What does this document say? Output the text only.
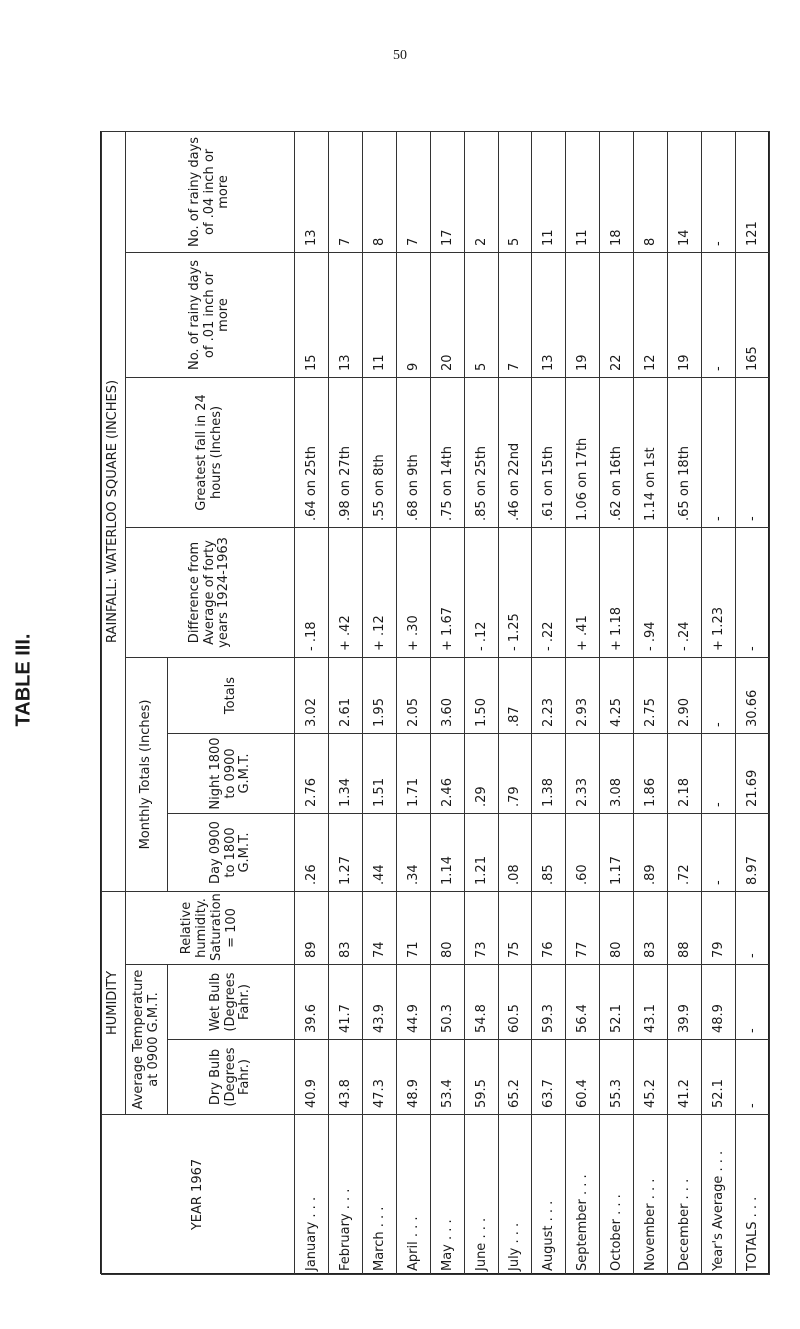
50
TABLE III.
YEAR 1967	HUMIDITY			RAINFALL: WATERLOO SQUARE (INCHES)						
	Average Temperature at 0900 G.M.T.		Relative humidity. Saturation = 100	Monthly Totals (Inches)			Difference from Average of forty years 1924-1963	Greatest fall in 24 hours (Inches)	No. of rainy days of .01 inch or more	No. of rainy days of .04 inch or more
	Dry Bulb (Degrees Fahr.)	Wet Bulb (Degrees Fahr.)		Day 0900 to 1800 G.M.T.	Night 1800 to 0900 G.M.T.	Totals				
January . . .	40.9	39.6	89	.26	2.76	3.02	- .18	.64 on 25th	15	13
February . . .	43.8	41.7	83	1.27	1.34	2.61	+ .42	.98 on 27th	13	7
March . . .	47.3	43.9	74	.44	1.51	1.95	+ .12	.55 on 8th	11	8
April . . .	48.9	44.9	71	.34	1.71	2.05	+ .30	.68 on 9th	9	7
May . . .	53.4	50.3	80	1.14	2.46	3.60	+ 1.67	.75 on 14th	20	17
June . . .	59.5	54.8	73	1.21	.29	1.50	- .12	.85 on 25th	5	2
July . . .	65.2	60.5	75	.08	.79	.87	- 1.25	.46 on 22nd	7	5
August . . .	63.7	59.3	76	.85	1.38	2.23	- .22	.61 on 15th	13	11
September . . .	60.4	56.4	77	.60	2.33	2.93	+ .41	1.06 on 17th	19	11
October . . .	55.3	52.1	80	1.17	3.08	4.25	+ 1.18	.62 on 16th	22	18
November . . .	45.2	43.1	83	.89	1.86	2.75	- .94	1.14 on 1st	12	8
December . . .	41.2	39.9	88	.72	2.18	2.90	- .24	.65 on 18th	19	14
Year's Average . . .	52.1	48.9	79	-	-	-	+ 1.23	-	-	-
TOTALS . . .	-	-	-	8.97	21.69	30.66	-	-	165	121
